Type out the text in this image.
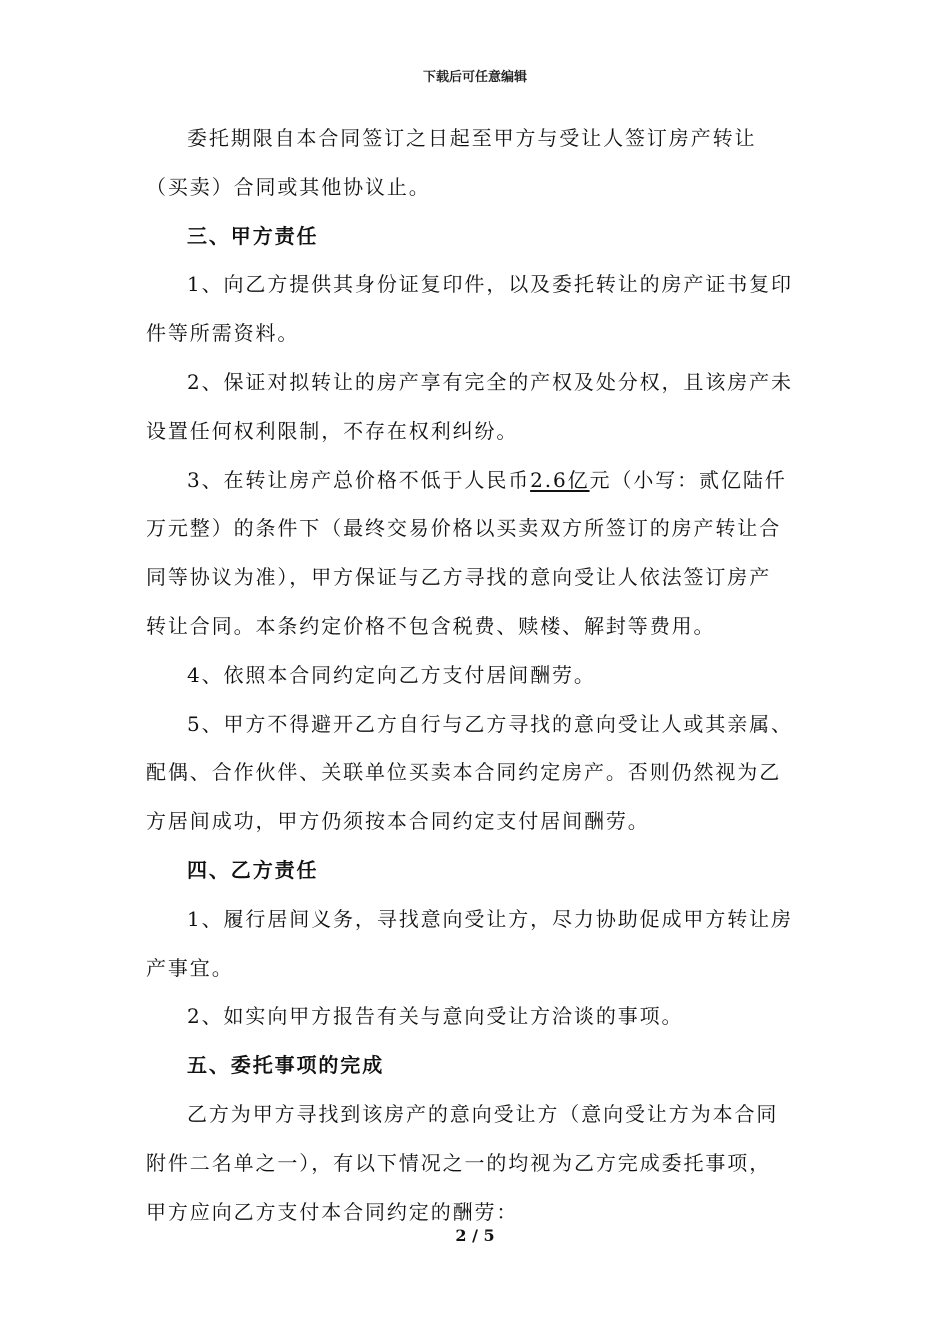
下载后可任意编辑
委托期限自本合同签订之日起至甲方与受让人签订房产转让
（买卖）合同或其他协议止。
三、甲方责任
1、向乙方提供其身份证复印件，以及委托转让的房产证书复印
件等所需资料。
2、保证对拟转让的房产享有完全的产权及处分权，且该房产未
设置任何权利限制，不存在权利纠纷。
3、在转让房产总价格不低于人民币2.6亿元（小写：贰亿陆仟
万元整）的条件下（最终交易价格以买卖双方所签订的房产转让合
同等协议为准），甲方保证与乙方寻找的意向受让人依法签订房产
转让合同。本条约定价格不包含税费、赎楼、解封等费用。
4、依照本合同约定向乙方支付居间酬劳。
5、甲方不得避开乙方自行与乙方寻找的意向受让人或其亲属、
配偶、合作伙伴、关联单位买卖本合同约定房产。否则仍然视为乙
方居间成功，甲方仍须按本合同约定支付居间酬劳。
四、乙方责任
1、履行居间义务，寻找意向受让方，尽力协助促成甲方转让房
产事宜。
2、如实向甲方报告有关与意向受让方洽谈的事项。
五、委托事项的完成
乙方为甲方寻找到该房产的意向受让方（意向受让方为本合同
附件二名单之一），有以下情况之一的均视为乙方完成委托事项，
甲方应向乙方支付本合同约定的酬劳：
2 / 5
